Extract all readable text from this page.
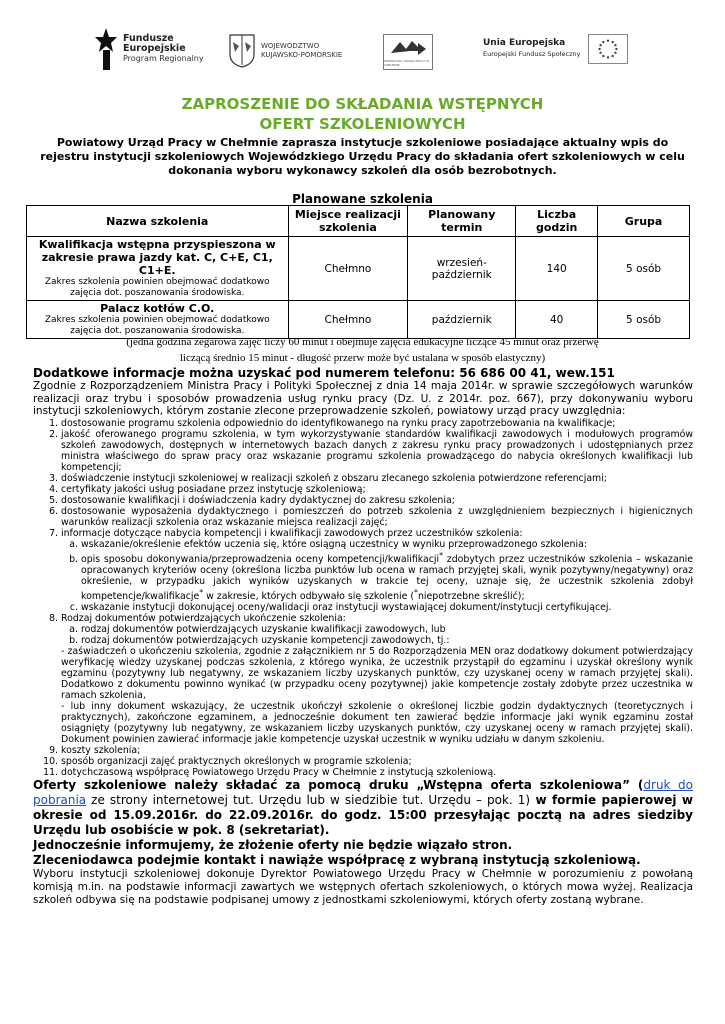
Fundusze
Europejskie
Program Regionalny
WOJEWÓDZTWO
KUJAWSKO-POMORSKIE
POWIATOWY URZĄD PRACY W CHEŁMNIE
Unia Europejska
Europejski Fundusz Społeczny
ZAPROSZENIE DO SKŁADANIA WSTĘPNYCH
OFERT SZKOLENIOWYCH
Powiatowy Urząd Pracy w Chełmnie zaprasza instytucje szkoleniowe posiadające aktualny wpis do rejestru instytucji szkoleniowych Wojewódzkiego Urzędu Pracy do składania ofert szkoleniowych w celu dokonania wyboru wykonawcy szkoleń dla osób bezrobotnych.
Planowane szkolenia
Nazwa szkolenia	Miejsce realizacji szkolenia	Planowany termin	Liczba godzin	Grupa

Kwalifikacja wstępna przyspieszona w zakresie prawa jazdy kat. C, C+E, C1, C1+E.
Zakres szkolenia powinien obejmować dodatkowo zajęcia dot. poszanowania środowiska.	Chełmno	wrzesień-październik	140	5 osób

Palacz kotłów C.O.
Zakres szkolenia powinien obejmować dodatkowo zajęcia dot. poszanowania środowiska.	Chełmno	październik	40	5 osób
(jedna godzina zegarowa zajęć liczy 60 minut i obejmuje zajęcia edukacyjne liczące 45 minut oraz przerwę
liczącą średnio 15 minut - długość przerw może być ustalana w sposób elastyczny)
Dodatkowe informacje można uzyskać pod numerem telefonu: 56 686 00 41, wew.151

Zgodnie z Rozporządzeniem Ministra Pracy i Polityki Społecznej z dnia 14 maja 2014r. w sprawie szczegółowych warunków realizacji oraz trybu i sposobów prowadzenia usług rynku pracy (Dz. U. z 2014r. poz. 667), przy dokonywaniu wyboru instytucji szkoleniowych, którym zostanie zlecone przeprowadzenie szkoleń, powiatowy urząd pracy uwzględnia:

1. dostosowanie programu szkolenia odpowiednio do identyfikowanego na rynku pracy zapotrzebowania na kwalifikacje;
2. jakość oferowanego programu szkolenia, w tym wykorzystywanie standardów kwalifikacji zawodowych i modułowych programów szkoleń zawodowych, dostępnych w internetowych bazach danych z zakresu rynku pracy prowadzonych i udostępnianych przez ministra właściwego do spraw pracy oraz wskazanie programu szkolenia prowadzącego do nabycia określonych kwalifikacji lub kompetencji;
3. doświadczenie instytucji szkoleniowej w realizacji szkoleń z obszaru zlecanego szkolenia potwierdzone referencjami;
4. certyfikaty jakości usług posiadane przez instytucję szkoleniową;
5. dostosowanie kwalifikacji i doświadczenia kadry dydaktycznej do zakresu szkolenia;
6. dostosowanie wyposażenia dydaktycznego i pomieszczeń do potrzeb szkolenia z uwzględnieniem bezpiecznych i higienicznych warunków realizacji szkolenia oraz wskazanie miejsca realizacji zajęć;
7. informacje dotyczące nabycia kompetencji i kwalifikacji zawodowych przez uczestników szkolenia:
a. wskazanie/określenie efektów uczenia się, które osiągną uczestnicy w wyniku przeprowadzonego szkolenia:
b. opis sposobu dokonywania/przeprowadzenia oceny kompetencji/kwalifikacji* zdobytych przez uczestników szkolenia – wskazanie opracowanych kryteriów oceny (określona liczba punktów lub ocena w ramach przyjętej skali, wynik pozytywny/negatywny) oraz określenie, w przypadku jakich wyników uzyskanych w trakcie tej oceny, uznaje się, że uczestnik szkolenia zdobył kompetencje/kwalifikacje* w zakresie, których odbywało się szkolenie (*niepotrzebne skreślić);
c. wskazanie instytucji dokonującej oceny/walidacji oraz instytucji wystawiającej dokument/instytucji certyfikującej.
8. Rodzaj dokumentów potwierdzających ukończenie szkolenia:
a. rodzaj dokumentów potwierdzających uzyskanie kwalifikacji zawodowych, lub
b. rodzaj dokumentów potwierdzających uzyskanie kompetencji zawodowych, tj.:

- zaświadczeń o ukończeniu szkolenia, zgodnie z załącznikiem nr 5 do Rozporządzenia MEN oraz dodatkowy dokument potwierdzający weryfikację wiedzy uzyskanej podczas szkolenia, z którego wynika, że uczestnik przystąpił do egzaminu i uzyskał określony wynik egzaminu (pozytywny lub negatywny, ze wskazaniem liczby uzyskanych punktów, czy uzyskanej oceny w ramach przyjętej skali). Dodatkowo z dokumentu powinno wynikać (w przypadku oceny pozytywnej) jakie kompetencje zostały zdobyte przez uczestnika w ramach szkolenia,

- lub inny dokument wskazujący, że uczestnik ukończył szkolenie o określonej liczbie godzin dydaktycznych (teoretycznych i praktycznych), zakończone egzaminem, a jednocześnie dokument ten zawierać będzie informacje jaki wynik egzaminu został osiągnięty (pozytywny lub negatywny, ze wskazaniem liczby uzyskanych punktów, czy uzyskanej oceny w ramach przyjętej skali). Dokument powinien zawierać informacje jakie kompetencje uzyskał uczestnik w wyniku udziału w danym szkoleniu.

9. koszty szkolenia;
10. sposób organizacji zajęć praktycznych określonych w programie szkolenia;
11. dotychczasową współpracę Powiatowego Urzędu Pracy w Chełmnie z instytucją szkoleniową.

Oferty szkoleniowe należy składać za pomocą druku „Wstępna oferta szkoleniowa” (druk do pobrania ze strony internetowej tut. Urzędu lub w siedzibie tut. Urzędu – pok. 1) w formie papierowej w okresie od 15.09.2016r. do 22.09.2016r. do godz. 15:00 przesyłając pocztą na adres siedziby Urzędu lub osobiście w pok. 8 (sekretariat).

Jednocześnie informujemy, że złożenie oferty nie będzie wiązało stron.

Zleceniodawca podejmie kontakt i nawiąże współpracę z wybraną instytucją szkoleniową.

Wyboru instytucji szkoleniowej dokonuje Dyrektor Powiatowego Urzędu Pracy w Chełmnie w porozumieniu z powołaną komisją m.in. na podstawie informacji zawartych we wstępnych ofertach szkoleniowych, o których mowa wyżej. Realizacja szkoleń odbywa się na podstawie podpisanej umowy z jednostkami szkoleniowymi, których oferty zostaną wybrane.
